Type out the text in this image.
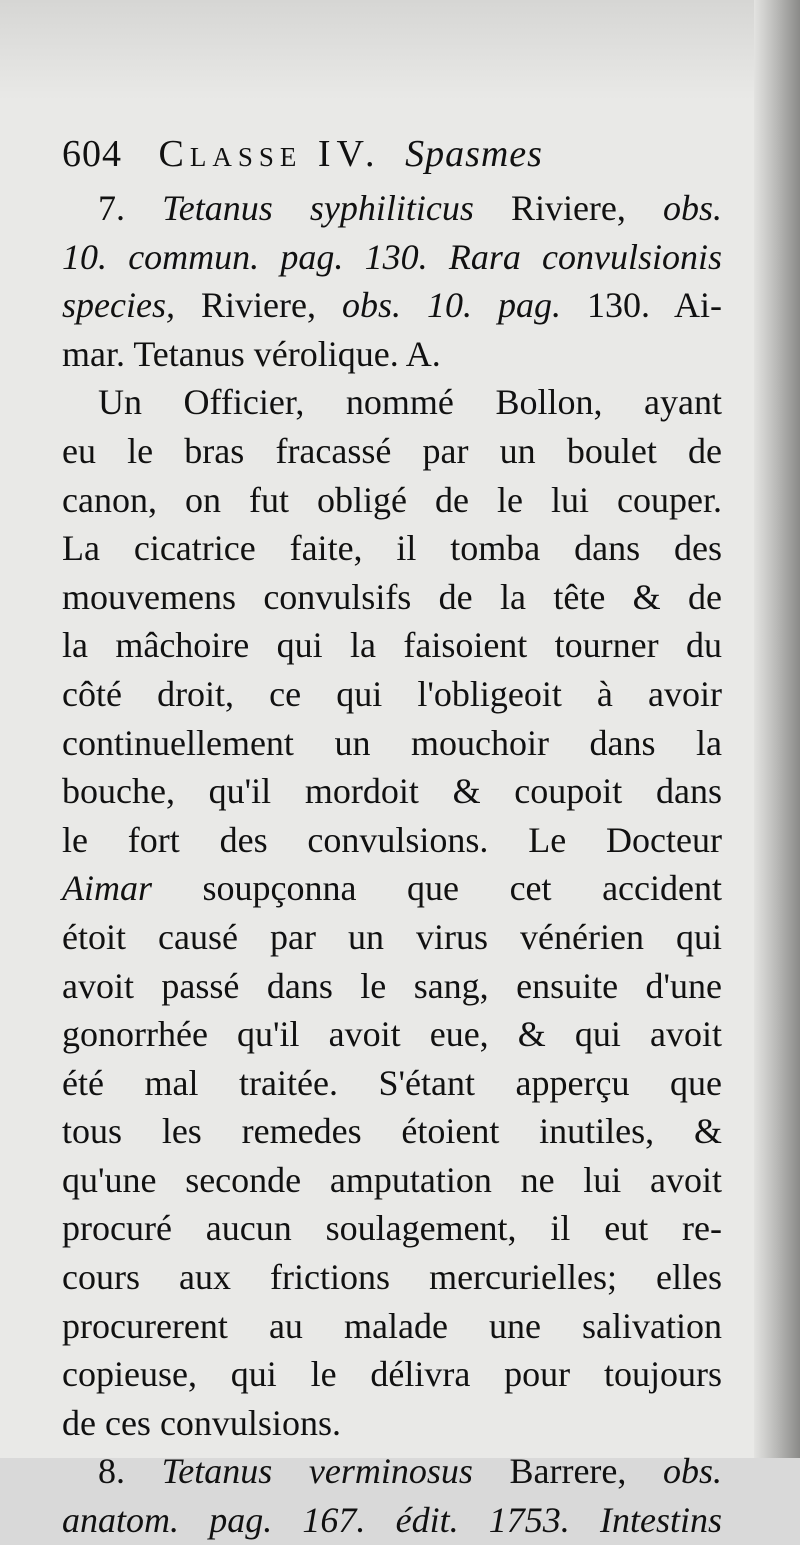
604 Classe IV. Spasmes
7. Tetanus syphiliticus Riviere, obs.
10. commun. pag. 130. Rara convulsionis
species, Riviere, obs. 10. pag. 130. Ai-
mar. Tetanus vérolique. A.
Un Officier, nommé Bollon, ayant
eu le bras fracassé par un boulet de
canon, on fut obligé de le lui couper.
La cicatrice faite, il tomba dans des
mouvemens convulsifs de la tête & de
la mâchoire qui la faisoient tourner du
côté droit, ce qui l'obligeoit à avoir
continuellement un mouchoir dans la
bouche, qu'il mordoit & coupoit dans
le fort des convulsions. Le Docteur
Aimar soupçonna que cet accident
étoit causé par un virus vénérien qui
avoit passé dans le sang, ensuite d'une
gonorrhée qu'il avoit eue, & qui avoit
été mal traitée. S'étant apperçu que
tous les remedes étoient inutiles, &
qu'une seconde amputation ne lui avoit
procuré aucun soulagement, il eut re-
cours aux frictions mercurielles; elles
procurerent au malade une salivation
copieuse, qui le délivra pour toujours
de ces convulsions.
8. Tetanus verminosus Barrere, obs.
anatom. pag. 167. édit. 1753. Intestins
